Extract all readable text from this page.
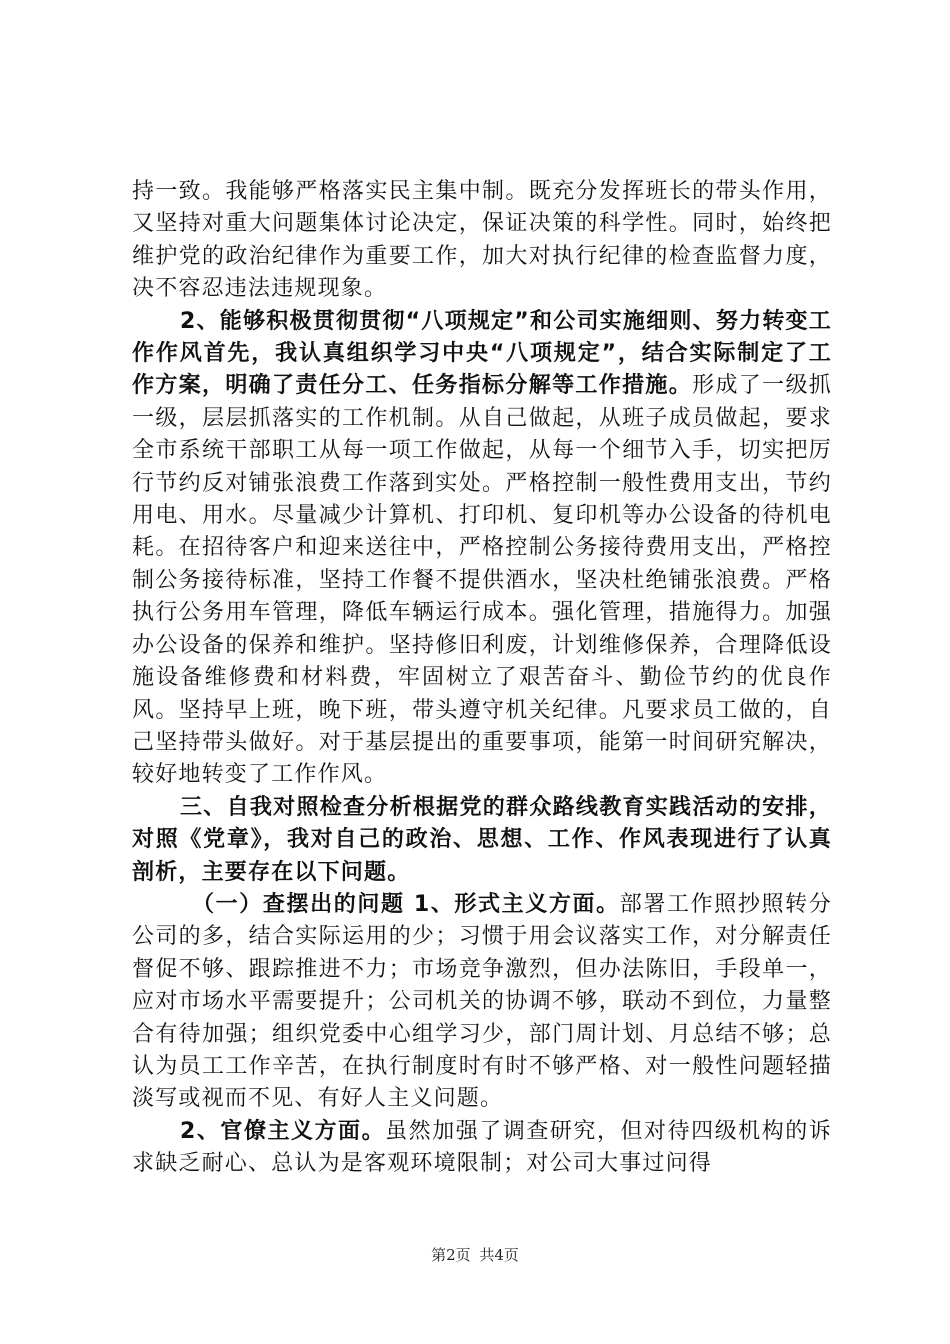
持一致。我能够严格落实民主集中制。既充分发挥班长的带头作用，又坚持对重大问题集体讨论决定，保证决策的科学性。同时，始终把维护党的政治纪律作为重要工作，加大对执行纪律的检查监督力度，决不容忍违法违规现象。

2、能够积极贯彻贯彻“八项规定”和公司实施细则、努力转变工作作风首先，我认真组织学习中央“八项规定”，结合实际制定了工作方案，明确了责任分工、任务指标分解等工作措施。形成了一级抓一级，层层抓落实的工作机制。从自己做起，从班子成员做起，要求全市系统干部职工从每一项工作做起，从每一个细节入手，切实把厉行节约反对铺张浪费工作落到实处。严格控制一般性费用支出，节约用电、用水。尽量减少计算机、打印机、复印机等办公设备的待机电耗。在招待客户和迎来送往中，严格控制公务接待费用支出，严格控制公务接待标准，坚持工作餐不提供酒水，坚决杜绝铺张浪费。严格执行公务用车管理，降低车辆运行成本。强化管理，措施得力。加强办公设备的保养和维护。坚持修旧利废，计划维修保养，合理降低设施设备维修费和材料费，牢固树立了艰苦奋斗、勤俭节约的优良作风。坚持早上班，晚下班，带头遵守机关纪律。凡要求员工做的，自己坚持带头做好。对于基层提出的重要事项，能第一时间研究解决，较好地转变了工作作风。

三、自我对照检查分析根据党的群众路线教育实践活动的安排，对照《党章》，我对自己的政治、思想、工作、作风表现进行了认真剖析，主要存在以下问题。

（一）查摆出的问题 1、形式主义方面。部署工作照抄照转分公司的多，结合实际运用的少；习惯于用会议落实工作，对分解责任督促不够、跟踪推进不力；市场竞争激烈，但办法陈旧，手段单一，应对市场水平需要提升；公司机关的协调不够，联动不到位，力量整合有待加强；组织党委中心组学习少，部门周计划、月总结不够；总认为员工工作辛苦，在执行制度时有时不够严格、对一般性问题轻描淡写或视而不见、有好人主义问题。

2、官僚主义方面。虽然加强了调查研究，但对待四级机构的诉求缺乏耐心、总认为是客观环境限制；对公司大事过问得

第2页 共4页
